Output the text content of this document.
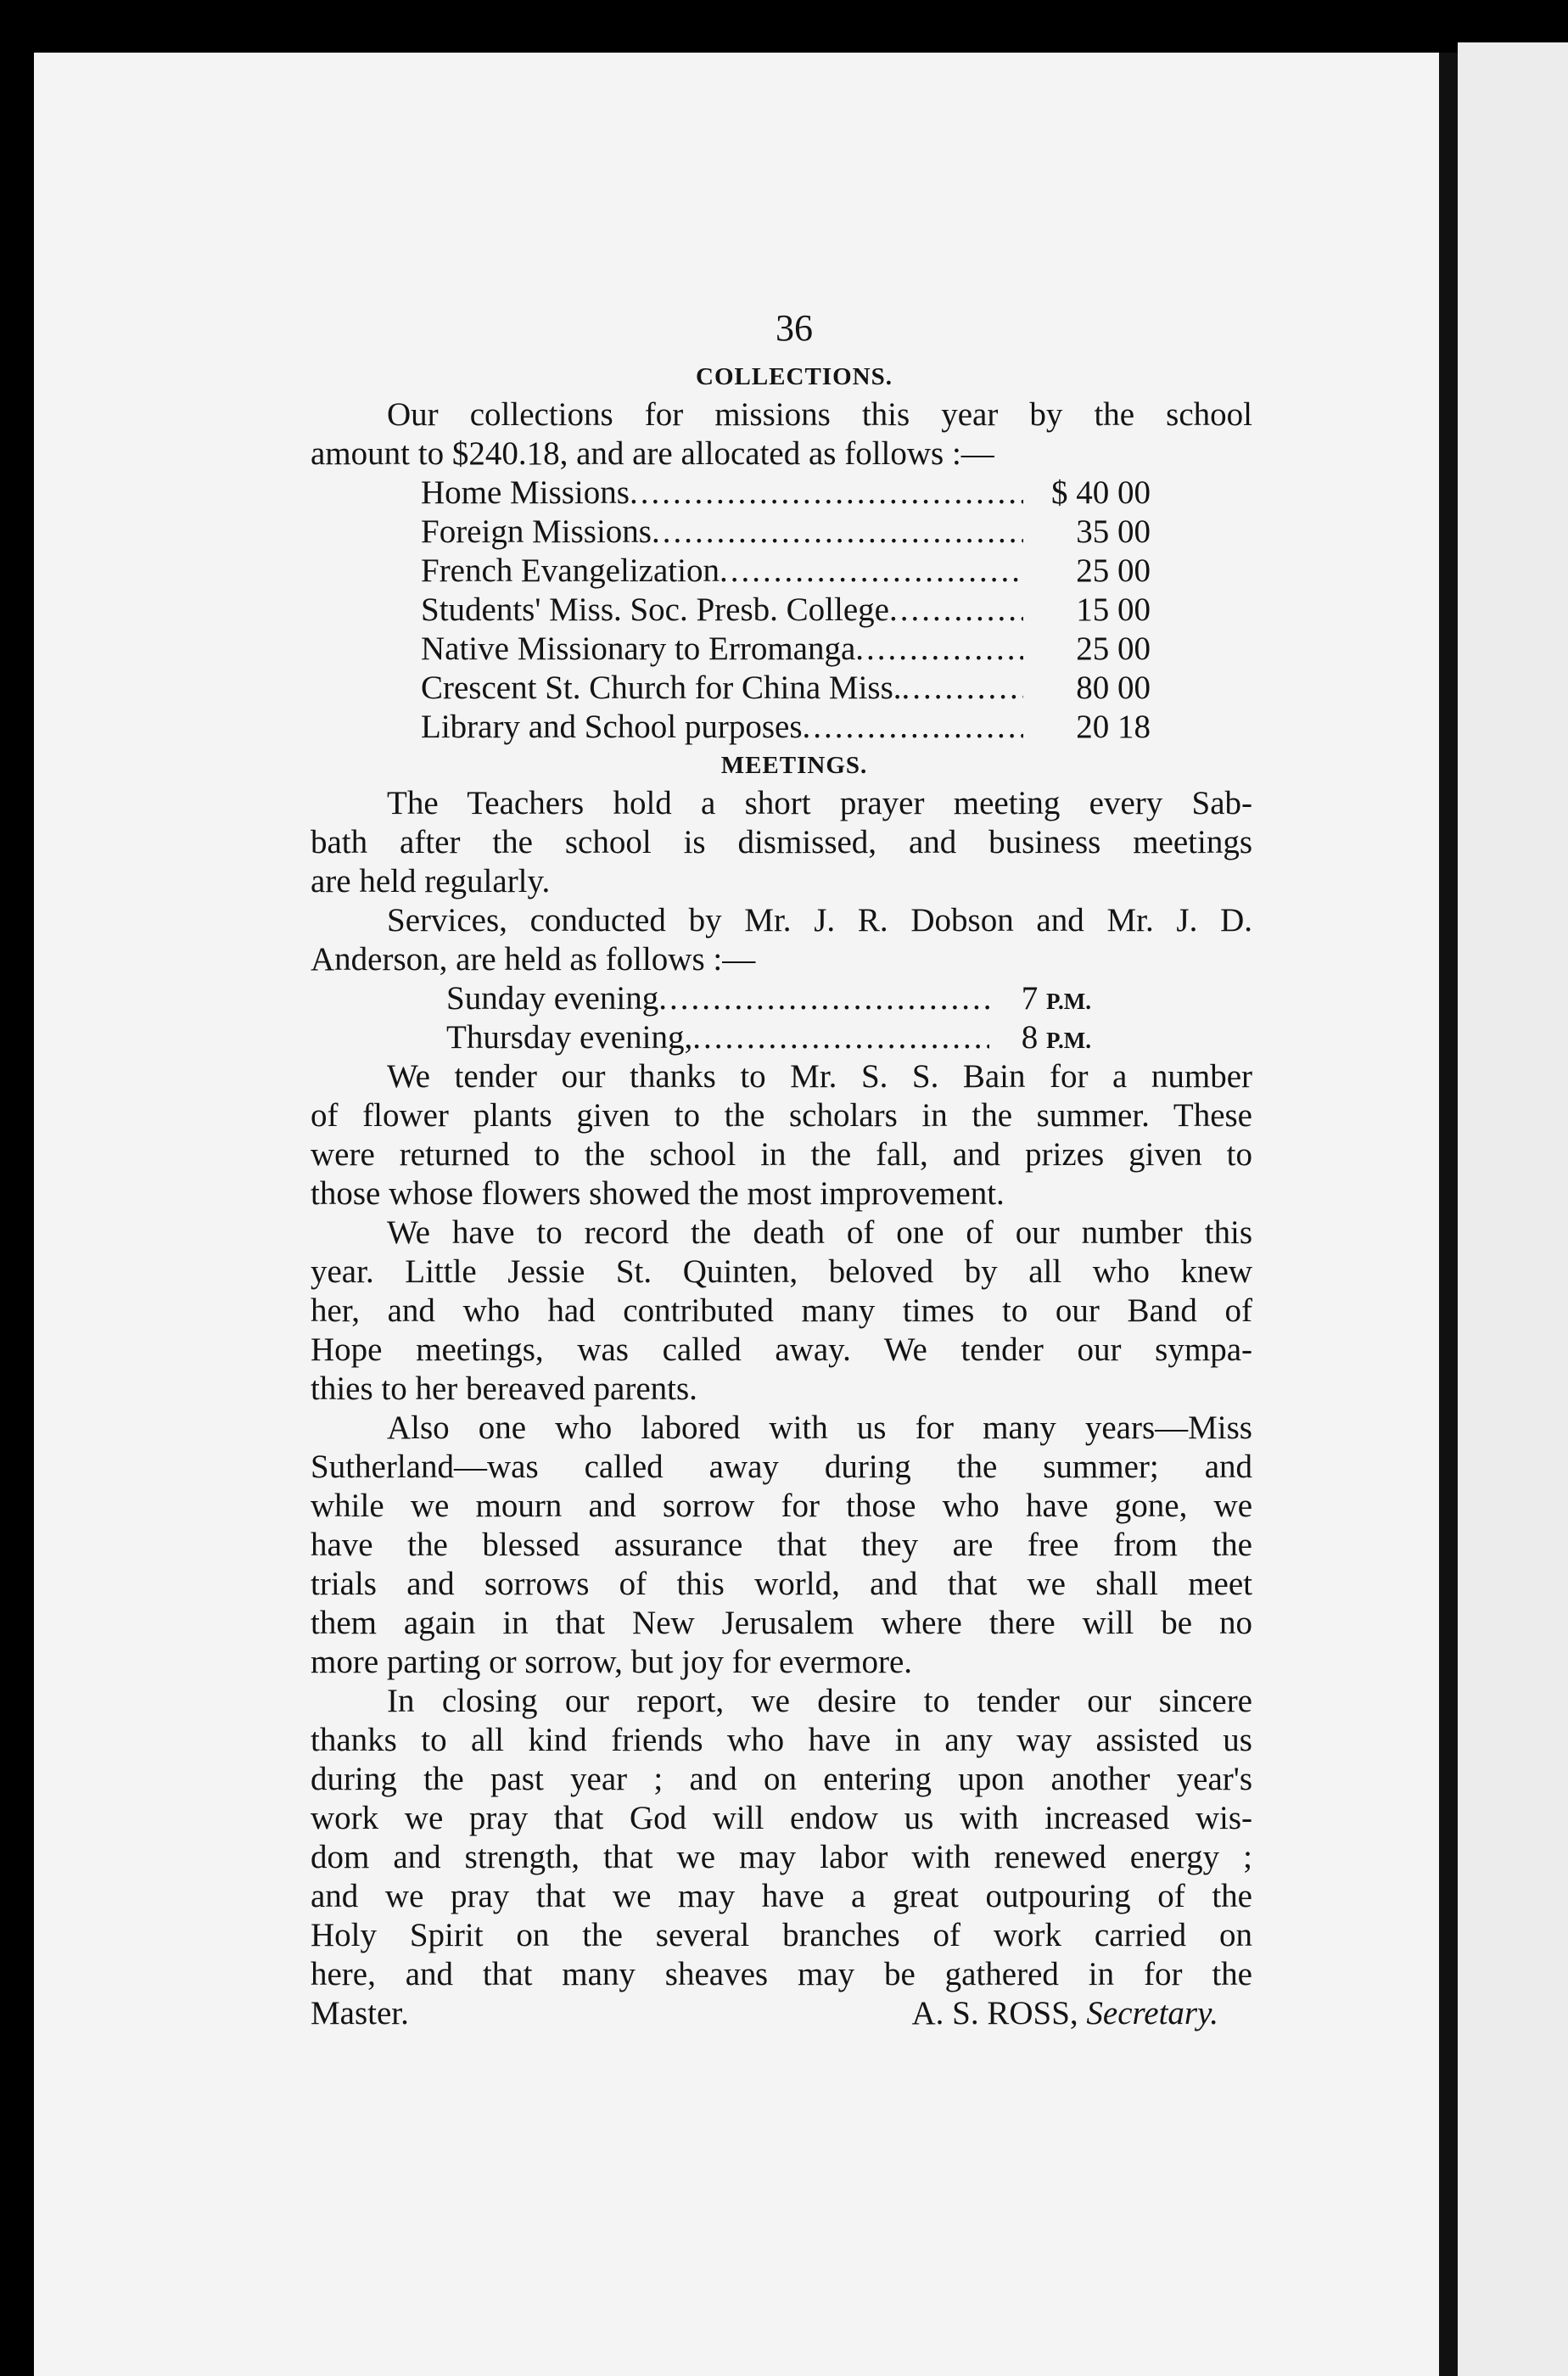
36
COLLECTIONS.
Our collections for missions this year by the school
amount to $240.18, and are allocated as follows :—
Home Missions .....	$ 40 00
Foreign Missions .....	35 00
French Evangelization .....	25 00
Students' Miss. Soc. Presb. College .....	15 00
Native Missionary to Erromanga .....	25 00
Crescent St. Church for China Miss. .....	80 00
Library and School purposes .....	20 18
MEETINGS.
The Teachers hold a short prayer meeting every Sab-
bath after the school is dismissed, and business meetings
are held regularly.
Services, conducted by Mr. J. R. Dobson and Mr. J. D.
Anderson, are held as follows :—
Sunday evening .....	7 P.M.
Thursday evening, .....	8 P.M.
We tender our thanks to Mr. S. S. Bain for a number
of flower plants given to the scholars in the summer. These
were returned to the school in the fall, and prizes given to
those whose flowers showed the most improvement.
We have to record the death of one of our number this
year. Little Jessie St. Quinten, beloved by all who knew
her, and who had contributed many times to our Band of
Hope meetings, was called away. We tender our sympa-
thies to her bereaved parents.
Also one who labored with us for many years—Miss
Sutherland—was called away during the summer; and
while we mourn and sorrow for those who have gone, we
have the blessed assurance that they are free from the
trials and sorrows of this world, and that we shall meet
them again in that New Jerusalem where there will be no
more parting or sorrow, but joy for evermore.
In closing our report, we desire to tender our sincere
thanks to all kind friends who have in any way assisted us
during the past year ; and on entering upon another year's
work we pray that God will endow us with increased wis-
dom and strength, that we may labor with renewed energy ;
and we pray that we may have a great outpouring of the
Holy Spirit on the several branches of work carried on
here, and that many sheaves may be gathered in for the
Master.	A. S. ROSS, Secretary.
